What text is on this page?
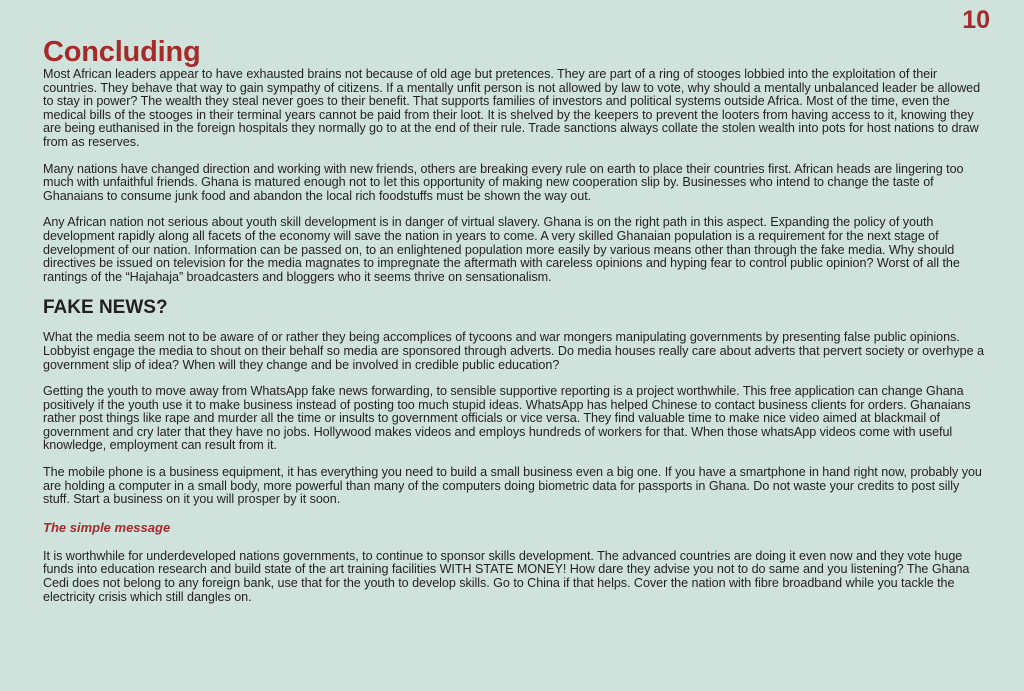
10
Concluding

Most African leaders appear to have exhausted brains not because of old age but pretences. They are part of a ring of stooges lobbied into the exploitation of their countries. They behave that way to gain sympathy of citizens. If a mentally unfit person is not allowed by law to vote, why should a mentally unbalanced leader be allowed to stay in power? The wealth they steal never goes to their benefit. That supports families of investors and political systems outside Africa. Most of the time, even the medical bills of the stooges in their terminal years cannot be paid from their loot. It is shelved by the keepers to prevent the looters from having access to it, knowing they are being euthanised in the foreign hospitals they normally go to at the end of their rule. Trade sanctions always collate the stolen wealth into pots for host nations to draw from as reserves.

Many nations have changed direction and working with new friends, others are breaking every rule on earth to place their countries first. African heads are lingering too much with unfaithful friends. Ghana is matured enough not to let this opportunity of making new cooperation slip by. Businesses who intend to change the taste of Ghanaians to consume junk food and abandon the local rich foodstuffs must be shown the way out.

Any African nation not serious about youth skill development is in danger of virtual slavery. Ghana is on the right path in this aspect. Expanding the policy of youth development rapidly along all facets of the economy will save the nation in years to come. A very skilled Ghanaian population is a requirement for the next stage of development of our nation. Information can be passed on, to an enlightened population more easily by various means other than through the fake media. Why should directives be issued on television for the media magnates to impregnate the aftermath with careless opinions and hyping fear to control public opinion? Worst of all the rantings of the “Hajahaja” broadcasters and bloggers who it seems thrive on sensationalism.

FAKE NEWS?

What the media seem not to be aware of or rather they being accomplices of tycoons and war mongers manipulating governments by presenting false public opinions. Lobbyist engage the media to shout on their behalf so media are sponsored through adverts. Do media houses really care about adverts that pervert society or overhype a government slip of idea? When will they change and be involved in credible public education?

Getting the youth to move away from WhatsApp fake news forwarding, to sensible supportive reporting is a project worthwhile. This free application can change Ghana positively if the youth use it to make business instead of posting too much stupid ideas. WhatsApp has helped Chinese to contact business clients for orders. Ghanaians rather post things like rape and murder all the time or insults to government officials or vice versa. They find valuable time to make nice video aimed at blackmail of government and cry later that they have no jobs. Hollywood makes videos and employs hundreds of workers for that. When those whatsApp videos come with useful knowledge, employment can result from it.

The mobile phone is a business equipment, it has everything you need to build a small business even a big one. If you have a smartphone in hand right now, probably you are holding a computer in a small body, more powerful than many of the computers doing biometric data for passports in Ghana. Do not waste your credits to post silly stuff. Start a business on it you will prosper by it soon.

The simple message

It is worthwhile for underdeveloped nations governments, to continue to sponsor skills development. The advanced countries are doing it even now and they vote huge funds into education research and build state of the art training facilities WITH STATE MONEY! How dare they advise you not to do same and you listening? The Ghana Cedi does not belong to any foreign bank, use that for the youth to develop skills. Go to China if that helps. Cover the nation with fibre broadband while you tackle the electricity crisis which still dangles on.
